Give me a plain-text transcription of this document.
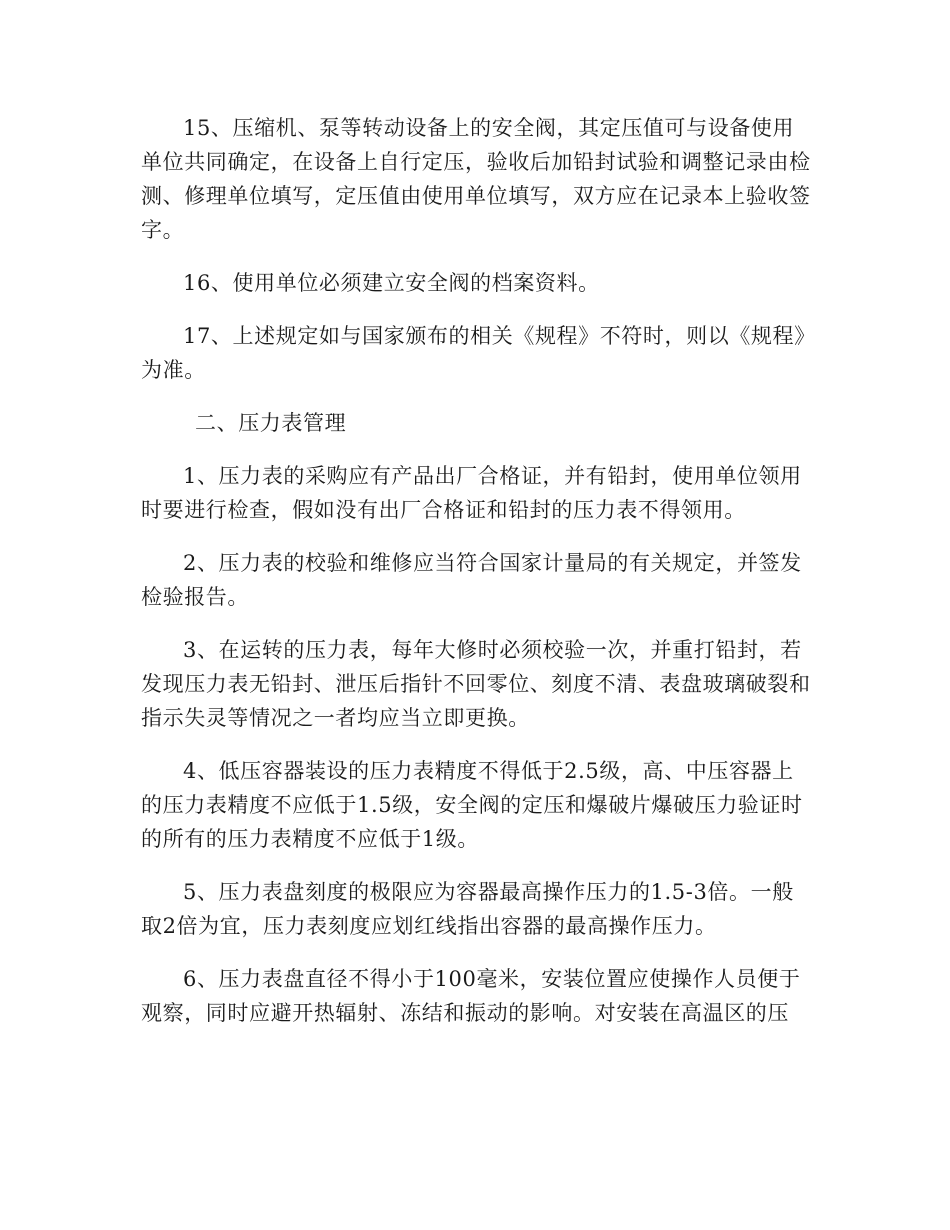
15、压缩机、泵等转动设备上的安全阀，其定压值可与设备使用单位共同确定，在设备上自行定压，验收后加铅封试验和调整记录由检测、修理单位填写，定压值由使用单位填写，双方应在记录本上验收签字。

16、使用单位必须建立安全阀的档案资料。

17、上述规定如与国家颁布的相关《规程》不符时，则以《规程》为准。

二、压力表管理

1、压力表的采购应有产品出厂合格证，并有铅封，使用单位领用时要进行检查，假如没有出厂合格证和铅封的压力表不得领用。

2、压力表的校验和维修应当符合国家计量局的有关规定，并签发检验报告。

3、在运转的压力表，每年大修时必须校验一次，并重打铅封，若发现压力表无铅封、泄压后指针不回零位、刻度不清、表盘玻璃破裂和指示失灵等情况之一者均应当立即更换。

4、低压容器装设的压力表精度不得低于2.5级，高、中压容器上的压力表精度不应低于1.5级，安全阀的定压和爆破片爆破压力验证时的所有的压力表精度不应低于1级。

5、压力表盘刻度的极限应为容器最高操作压力的1.5-3倍。一般取2倍为宜，压力表刻度应划红线指出容器的最高操作压力。

6、压力表盘直径不得小于100毫米，安装位置应使操作人员便于观察，同时应避开热辐射、冻结和振动的影响。对安装在高温区的压
